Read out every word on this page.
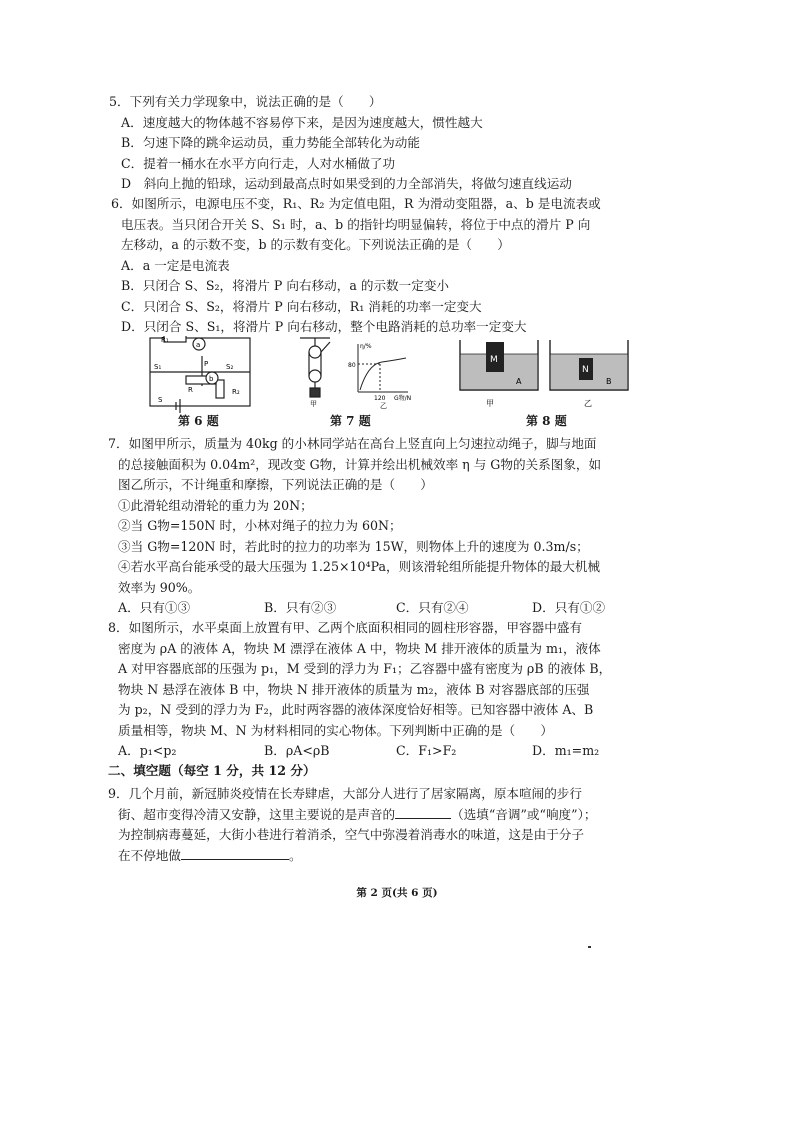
5．下列有关力学现象中，说法正确的是（　　）
A．速度越大的物体越不容易停下来，是因为速度越大，惯性越大
B．匀速下降的跳伞运动员，重力势能全部转化为动能
C．提着一桶水在水平方向行走，人对水桶做了功
D　斜向上抛的铅球，运动到最高点时如果受到的力全部消失，将做匀速直线运动
6．如图所示，电源电压不变，R₁、R₂ 为定值电阻，R 为滑动变阻器，a、b 是电流表或
电压表。当只闭合开关 S、S₁ 时，a、b 的指针均明显偏转，将位于中点的滑片 P 向
左移动，a 的示数不变，b 的示数有变化。下列说法正确的是（　　）
A．a 一定是电流表
B．只闭合 S、S₂，将滑片 P 向右移动，a 的示数一定变小
C．只闭合 S、S₂，将滑片 P 向右移动，R₁ 消耗的功率一定变大
D．只闭合 S、S₁，将滑片 P 向右移动，整个电路消耗的总功率一定变大
R₁
a
b
S₁	S₂
P
R	R₂
S
第 6 题
η/%
80
120 G物/N
甲	乙
第 7 题
M
N
A	B
甲	乙
第 8 题
7．如图甲所示，质量为 40kg 的小林同学站在高台上竖直向上匀速拉动绳子，脚与地面
的总接触面积为 0.04m²，现改变 G物，计算并绘出机械效率 η 与 G物的关系图象，如
图乙所示，不计绳重和摩擦，下列说法正确的是（　　）
①此滑轮组动滑轮的重力为 20N；
②当 G物=150N 时，小林对绳子的拉力为 60N；
③当 G物=120N 时，若此时的拉力的功率为 15W，则物体上升的速度为 0.3m/s；
④若水平高台能承受的最大压强为 1.25×10⁴Pa，则该滑轮组所能提升物体的最大机械
效率为 90%。
A．只有①③	B．只有②③	C．只有②④	D．只有①②
8．如图所示，水平桌面上放置有甲、乙两个底面积相同的圆柱形容器，甲容器中盛有
密度为 ρA 的液体 A，物块 M 漂浮在液体 A 中，物块 M 排开液体的质量为 m₁，液体
A 对甲容器底部的压强为 p₁，M 受到的浮力为 F₁；乙容器中盛有密度为 ρB 的液体 B，
物块 N 悬浮在液体 B 中，物块 N 排开液体的质量为 m₂，液体 B 对容器底部的压强
为 p₂，N 受到的浮力为 F₂，此时两容器的液体深度恰好相等。已知容器中液体 A、B
质量相等，物块 M、N 为材料相同的实心物体。下列判断中正确的是（　　）
A．p₁<p₂	B．ρA<ρB	C．F₁>F₂	D．m₁=m₂
二、填空题（每空 1 分，共 12 分）
9．几个月前，新冠肺炎疫情在长寿肆虐，大部分人进行了居家隔离，原本喧闹的步行
街、超市变得冷清又安静，这里主要说的是声音的	（选填“音调”或“响度”）；
为控制病毒蔓延，大街小巷进行着消杀，空气中弥漫着消毒水的味道，这是由于分子
在不停地做	。
第 2 页(共 6 页)
